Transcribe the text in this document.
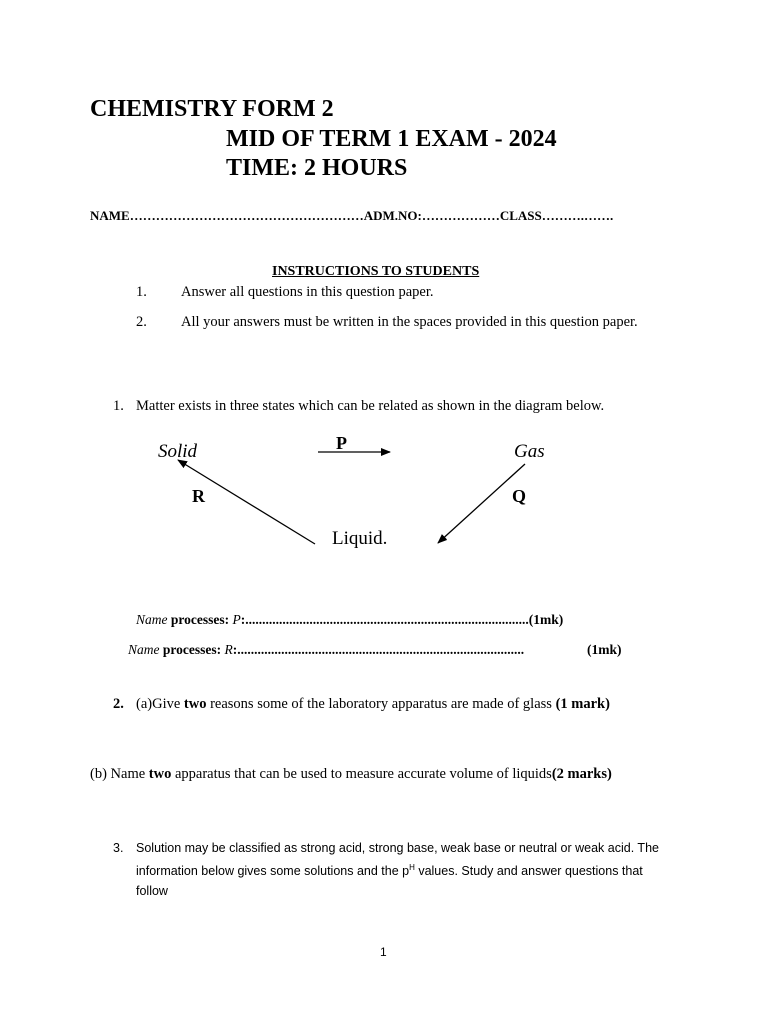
CHEMISTRY FORM 2
MID OF TERM 1 EXAM - 2024
TIME: 2 HOURS
NAME………………………………………………ADM.NO:………………CLASS……….…….
INSTRUCTIONS TO STUDENTS
1. Answer all questions in this question paper.
2. All your answers must be written in the spaces provided in this question paper.
1. Matter exists in three states which can be related as shown in the diagram below.
Solid	Gas
Liquid.
P
R	Q
Name processes: P:....................................................................................(1mk)
Name processes: R:.....................................................................................	(1mk)
2. (a)Give two reasons some of the laboratory apparatus are made of glass (1 mark)
(b) Name two apparatus that can be used to measure accurate volume of liquids(2 marks)
3. Solution may be classified as strong acid, strong base, weak base or neutral or weak acid. The
information below gives some solutions and the $p^H$ values. Study and answer questions that
follow
1
